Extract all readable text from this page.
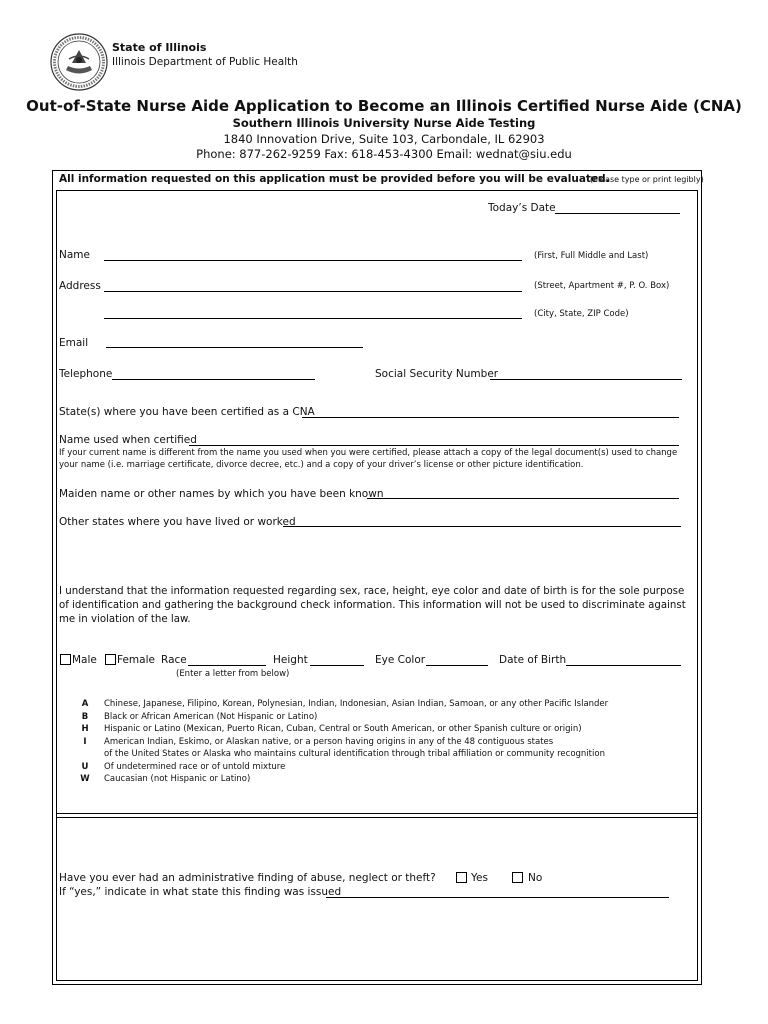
State of Illinois
Illinois Department of Public Health
Out-of-State Nurse Aide Application to Become an Illinois Certified Nurse Aide (CNA)
Southern Illinois University Nurse Aide Testing
1840 Innovation Drive, Suite 103, Carbondale, IL 62903
Phone: 877-262-9259 Fax: 618-453-4300 Email: wednat@siu.edu
All information requested on this application must be provided before you will be evaluated.
(Please type or print legibly)
Today’s Date
Name	(First, Full Middle and Last)
Address	(Street, Apartment #, P. O. Box)
(City, State, ZIP Code)
Email
Telephone	Social Security Number
State(s) where you have been certified as a CNA
Name used when certified
If your current name is different from the name you used when you were certified, please attach a copy of the legal document(s) used to change your name (i.e. marriage certificate, divorce decree, etc.) and a copy of your driver’s license or other picture identification.
Maiden name or other names by which you have been known
Other states where you have lived or worked
I understand that the information requested regarding sex, race, height, eye color and date of birth is for the sole purpose of identification and gathering the background check information. This information will not be used to discriminate against me in violation of the law.
Male Female Race
(Enter a letter from below)
Height	Eye Color	Date of Birth
A	Chinese, Japanese, Filipino, Korean, Polynesian, Indian, Indonesian, Asian Indian, Samoan, or any other Pacific Islander
B	Black or African American (Not Hispanic or Latino)
H	Hispanic or Latino (Mexican, Puerto Rican, Cuban, Central or South American, or other Spanish culture or origin)
I	American Indian, Eskimo, or Alaskan native, or a person having origins in any of the 48 contiguous states
of the United States or Alaska who maintains cultural identification through tribal affiliation or community recognition
U	Of undetermined race or of untold mixture
W Caucasian (not Hispanic or Latino)
Have you ever had an administrative finding of abuse, neglect or theft?	Yes	No
If “yes,” indicate in what state this finding was issued
